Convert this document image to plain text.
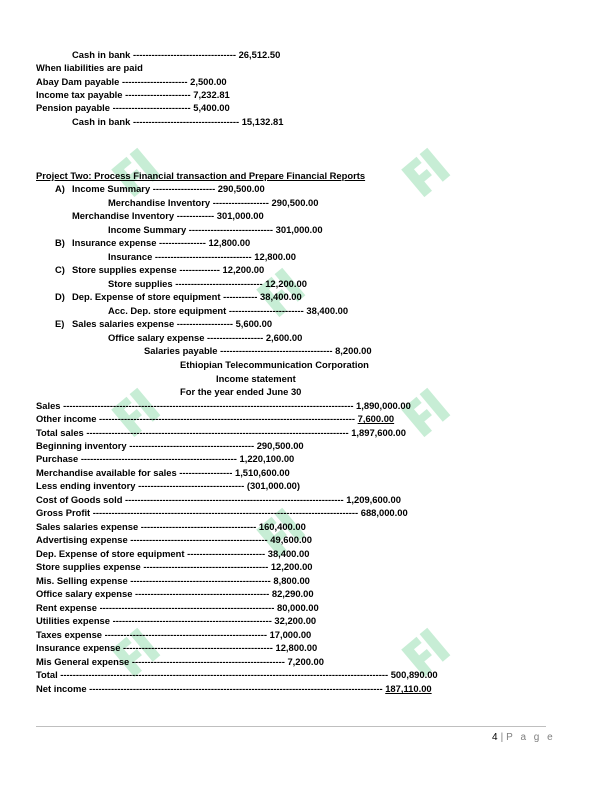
Cash in bank --------------------------------- 26,512.50
When liabilities are paid
Abay Dam payable --------------------- 2,500.00
Income tax payable --------------------- 7,232.81
Pension payable ------------------------- 5,400.00
Cash in bank ---------------------------------- 15,132.81
Project Two: Process Financial transaction and Prepare Financial Reports
A) Income Summary -------------------- 290,500.00
Merchandise Inventory ------------------ 290,500.00
Merchandise Inventory ------------ 301,000.00
Income Summary --------------------------- 301,000.00
B) Insurance expense --------------- 12,800.00
Insurance ------------------------------- 12,800.00
C) Store supplies expense ------------- 12,200.00
Store supplies ---------------------------- 12,200.00
D) Dep. Expense of store equipment ----------- 38,400.00
Acc. Dep. store equipment ------------------------ 38,400.00
E) Sales salaries expense ------------------ 5,600.00
Office salary expense ------------------ 2,600.00
Salaries payable ------------------------------------ 8,200.00
Ethiopian Telecommunication Corporation
Income statement
For the year ended June 30
Sales --------------------------------------------------------------------------------------------- 1,890,000.00
Other income ---------------------------------------------------------------------------------- 7,600.00
Total sales ------------------------------------------------------------------------------------ 1,897,600.00
Beginning inventory ---------------------------------------- 290,500.00
Purchase -------------------------------------------------- 1,220,100.00
Merchandise available for sales ----------------- 1,510,600.00
Less ending inventory ---------------------------------- (301,000.00)
Cost of Goods sold ---------------------------------------------------------------------- 1,209,600.00
Gross Profit ------------------------------------------------------------------------------------- 688,000.00
Sales salaries expense ------------------------------------- 160,400.00
Advertising expense -------------------------------------------- 49,600.00
Dep. Expense of store equipment ------------------------- 38,400.00
Store supplies expense ---------------------------------------- 12,200.00
Mis. Selling expense --------------------------------------------- 8,800.00
Office salary expense ------------------------------------------- 82,290.00
Rent expense -------------------------------------------------------- 80,000.00
Utilities expense --------------------------------------------------- 32,200.00
Taxes expense ---------------------------------------------------- 17,000.00
Insurance expense ------------------------------------------------ 12,800.00
Mis General expense ------------------------------------------------- 7,200.00
Total --------------------------------------------------------------------------------------------------------- 500,890.00
Net income ---------------------------------------------------------------------------------------------- 187,110.00
4 | P a g e
